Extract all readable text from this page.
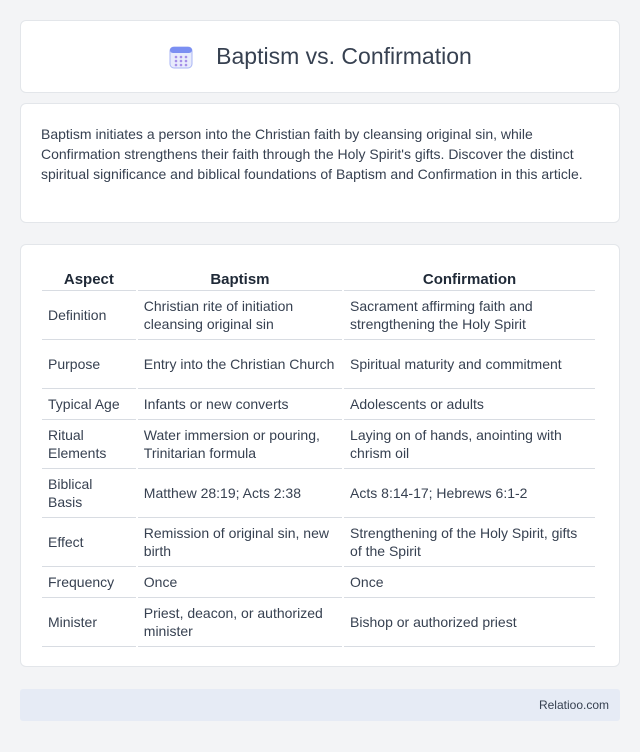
Baptism vs. Confirmation

Baptism initiates a person into the Christian faith by cleansing original sin, while Confirmation strengthens their faith through the Holy Spirit's gifts. Discover the distinct spiritual significance and biblical foundations of Baptism and Confirmation in this article.

Aspect	Baptism	Confirmation
Definition	Christian rite of initiation cleansing original sin	Sacrament affirming faith and strengthening the Holy Spirit
Purpose	Entry into the Christian Church	Spiritual maturity and commitment
Typical Age	Infants or new converts	Adolescents or adults
Ritual Elements	Water immersion or pouring, Trinitarian formula	Laying on of hands, anointing with chrism oil
Biblical Basis	Matthew 28:19; Acts 2:38	Acts 8:14-17; Hebrews 6:1-2
Effect	Remission of original sin, new birth	Strengthening of the Holy Spirit, gifts of the Spirit
Frequency	Once	Once
Minister	Priest, deacon, or authorized minister	Bishop or authorized priest
Relatioo.com
